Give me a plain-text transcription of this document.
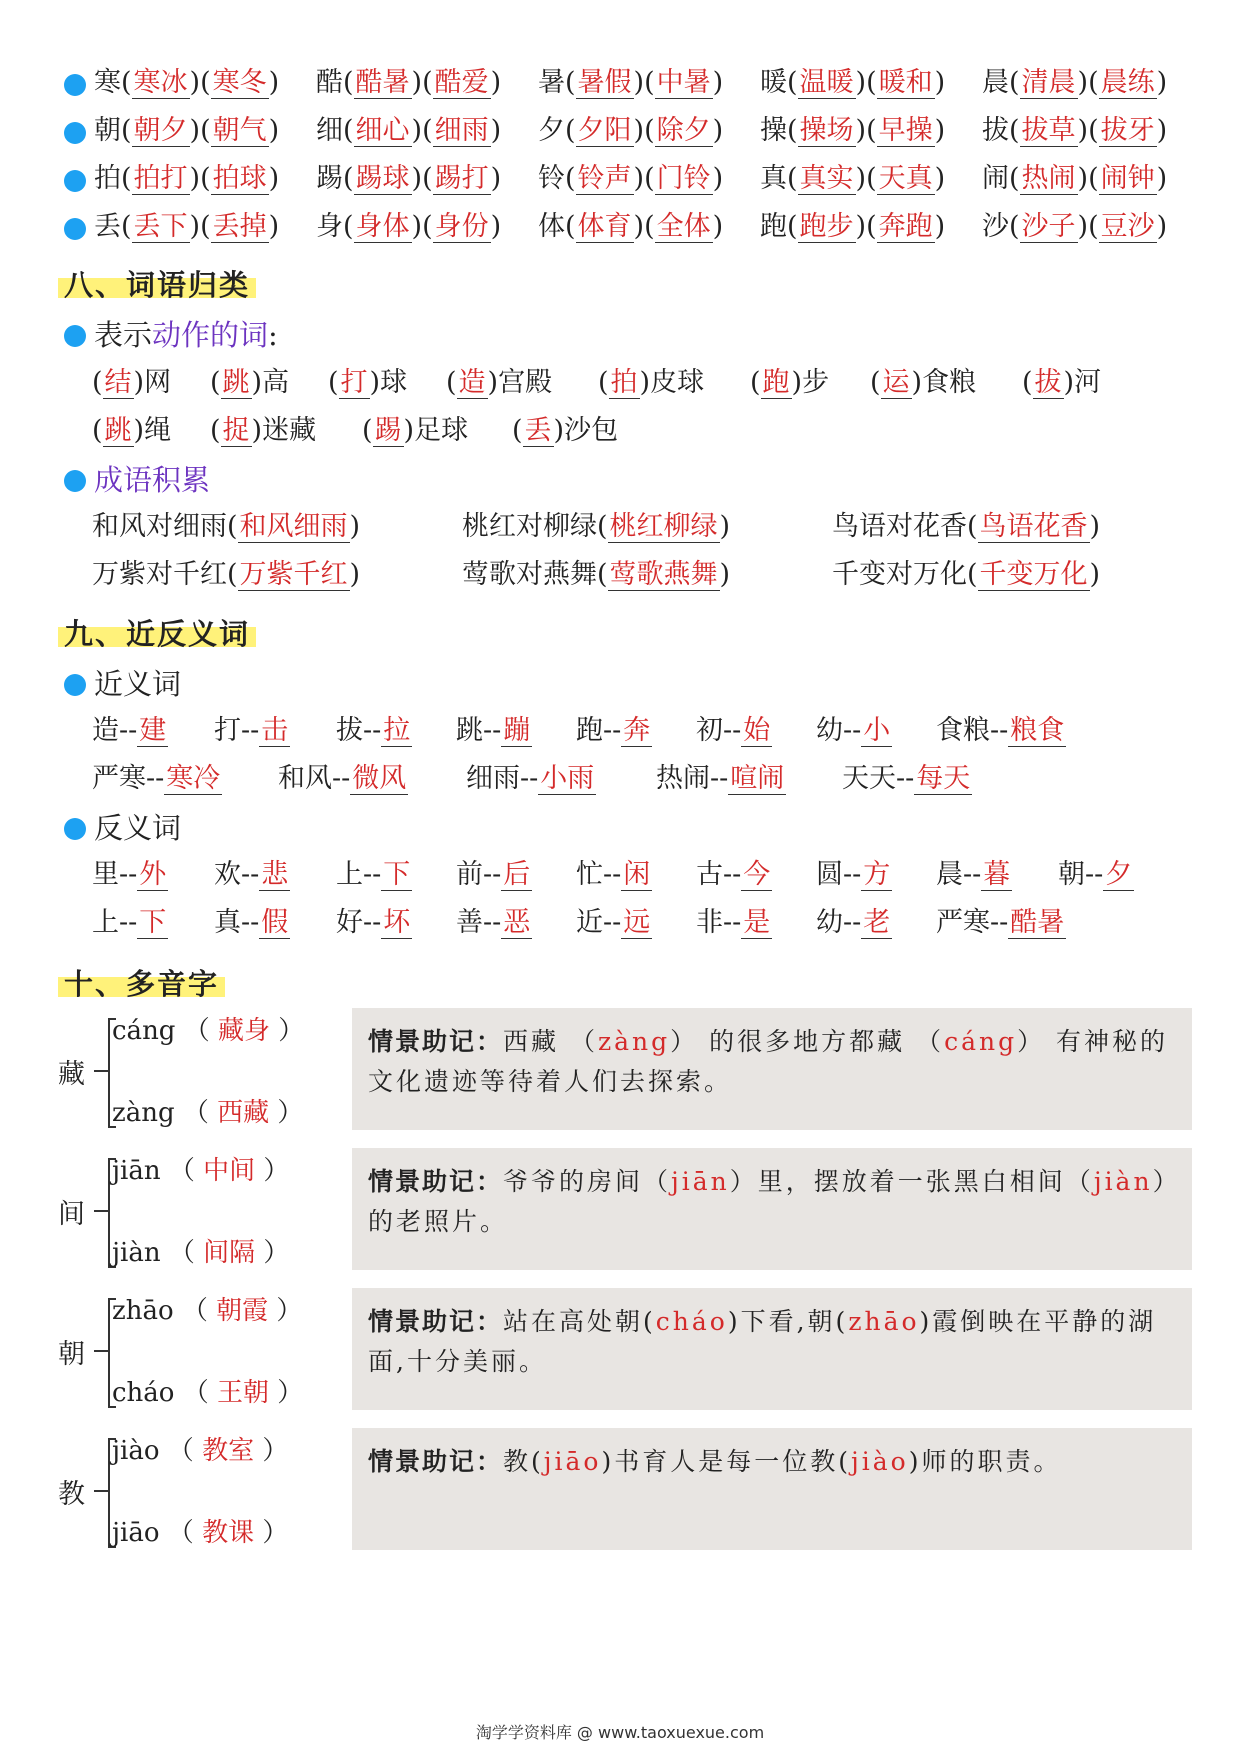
寒(寒冰)(寒冬) 酷(酷暑)(酷爱) 暑(暑假)(中暑) 暖(温暖)(暖和) 晨(清晨)(晨练)
朝(朝夕)(朝气) 细(细心)(细雨) 夕(夕阳)(除夕) 操(操场)(早操) 拔(拔草)(拔牙)
拍(拍打)(拍球) 踢(踢球)(踢打) 铃(铃声)(门铃) 真(真实)(天真) 闹(热闹)(闹钟)
丢(丢下)(丢掉) 身(身体)(身份) 体(体育)(全体) 跑(跑步)(奔跑) 沙(沙子)(豆沙)
八、词语归类
表示动作的词:
(结)网 (跳)高 (打)球 (造)宫殿 (拍)皮球 (跑)步 (运)食粮 (拔)河
(跳)绳 (捉)迷藏 (踢)足球 (丢)沙包
成语积累
和风对细雨(和风细雨)	桃红对柳绿(桃红柳绿)	鸟语对花香(鸟语花香)
万紫对千红(万紫千红)	莺歌对燕舞(莺歌燕舞)	千变对万化(千变万化)
九、近反义词
近义词
造--建 打--击 拔--拉 跳--蹦 跑--奔 初--始 幼--小 食粮--粮食
严寒--寒冷 和风--微风 细雨--小雨 热闹--喧闹 天天--每天
反义词
里--外 欢--悲 上--下 前--后 忙--闲 古--今 圆--方 晨--暮 朝--夕
上--下 真--假 好--坏 善--恶 近--远 非--是 幼--老 严寒--酷暑
十、多音字
藏
cáng （ 藏身 ）
zàng （ 西藏 ）
情景助记：西藏 （zàng） 的很多地方都藏 （cáng） 有神秘的文化遗迹等待着人们去探索。
间
jiān （ 中间 ）
jiàn （ 间隔 ）
情景助记：爷爷的房间（jiān）里，摆放着一张黑白相间（jiàn）的老照片。
朝
zhāo （ 朝霞 ）
cháo （ 王朝 ）
情景助记：站在高处朝(cháo)下看,朝(zhāo)霞倒映在平静的湖面,十分美丽。
教
jiào （ 教室 ）
jiāo （ 教课 ）
情景助记：教(jiāo)书育人是每一位教(jiào)师的职责。
淘学学资料库 @ www.taoxuexue.com
